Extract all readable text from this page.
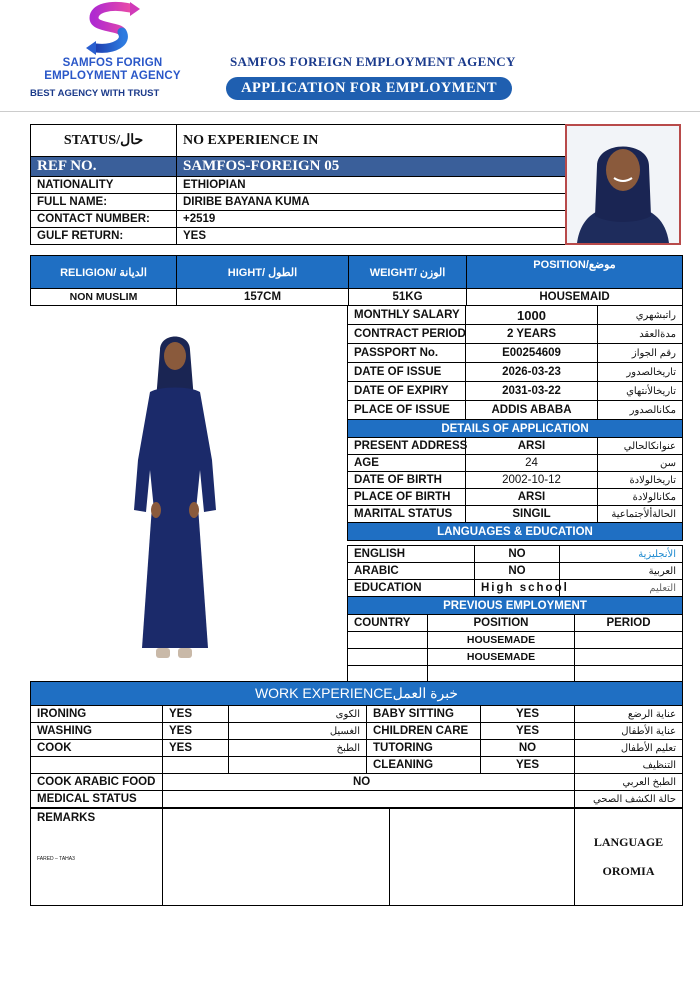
SAMFOS FORIGN
EMPLOYMENT AGENCY
BEST AGENCY WITH TRUST
SAMFOS FOREIGN EMPLOYMENT AGENCY
APPLICATION FOR EMPLOYMENT
STATUS/حال	NO EXPERIENCE IN
REF NO.	SAMFOS-FOREIGN 05
NATIONALITY	ETHIOPIAN
FULL NAME:	DIRIBE BAYANA KUMA
CONTACT NUMBER:	+2519
GULF RETURN:	YES
RELIGION/ الديانة	HIGHT/ الطول	WEIGHT/ الوزن	POSITION/موضع
NON MUSLIM	157CM	51KG	HOUSEMAID
MONTHLY SALARY	1000	راتبشهري
CONTRACT PERIOD	2 YEARS	مدةالعقد
PASSPORT No.	E00254609	رقم الجواز
DATE OF ISSUE	2026-03-23	تاريخالصدور
DATE OF EXPIRY	2031-03-22	تاريخالأنتهاي
PLACE OF ISSUE	ADDIS ABABA	مكانالصدور
DETAILS OF APPLICATION		
PRESENT ADDRESS	ARSI	عنوانكالحالي
AGE	24	سن
DATE OF BIRTH	2002-10-12	تاريخالولادة
PLACE OF BIRTH	ARSI	مكانالولادة
MARITAL STATUS	SINGIL	الحالةألأجتماعية
LANGUAGES & EDUCATION		
ENGLISH	NO	الأنجليزية
ARABIC	NO	العربية
EDUCATION	High school	التعليم
PREVIOUS EMPLOYMENT		
COUNTRY	POSITION	PERIOD
	HOUSEMADE	
	HOUSEMADE	

WORK EXPERIENCEخبرة العمل					
IRONING	YES	الكوى	BABY SITTING	YES	عناية الرضع
WASHING	YES	الغسيل	CHILDREN CARE	YES	عناية الأطفال
COOK	YES	الطبخ	TUTORING	NO	تعليم الأطفال
			CLEANING	YES	التنظيف
COOK ARABIC FOOD	NO				الطبخ العربي
MEDICAL STATUS					حالة الكشف الصحي
REMARKS
FARED – TAHA3

LANGUAGE
OROMIA
